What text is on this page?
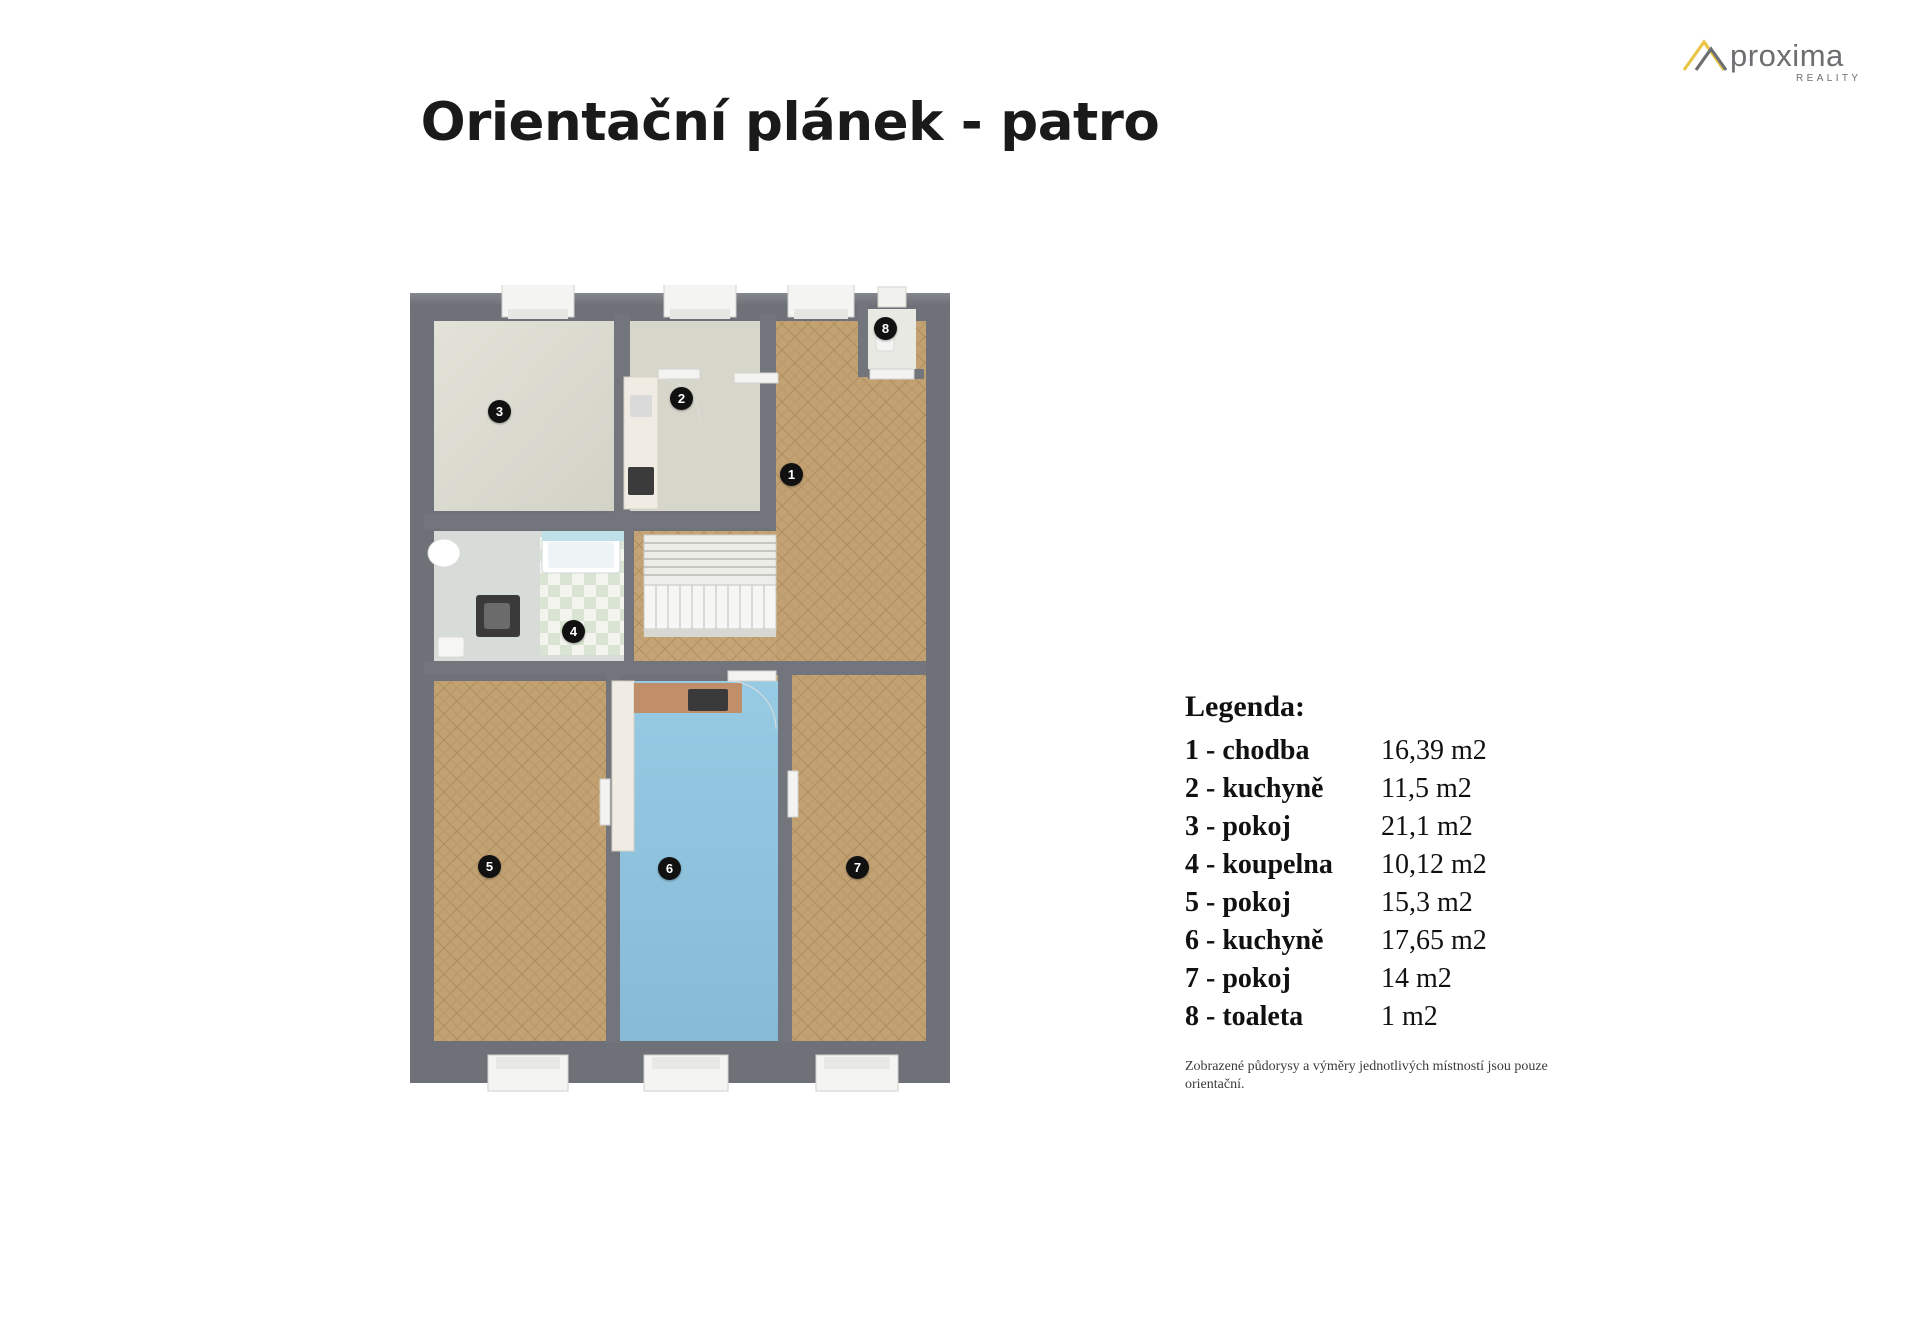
proxima
REALITY
Orientační plánek - patro
1
2
3
4
5	6	7
8
Legenda:
1 - chodba	16,39 m2
2 - kuchyně	11,5 m2
3 - pokoj	21,1 m2
4 - koupelna	10,12 m2
5 - pokoj	15,3 m2
6 - kuchyně	17,65 m2
7 - pokoj	14 m2
8 - toaleta	1 m2
Zobrazené půdorysy a výměry jednotlivých místností jsou pouze orientační.
